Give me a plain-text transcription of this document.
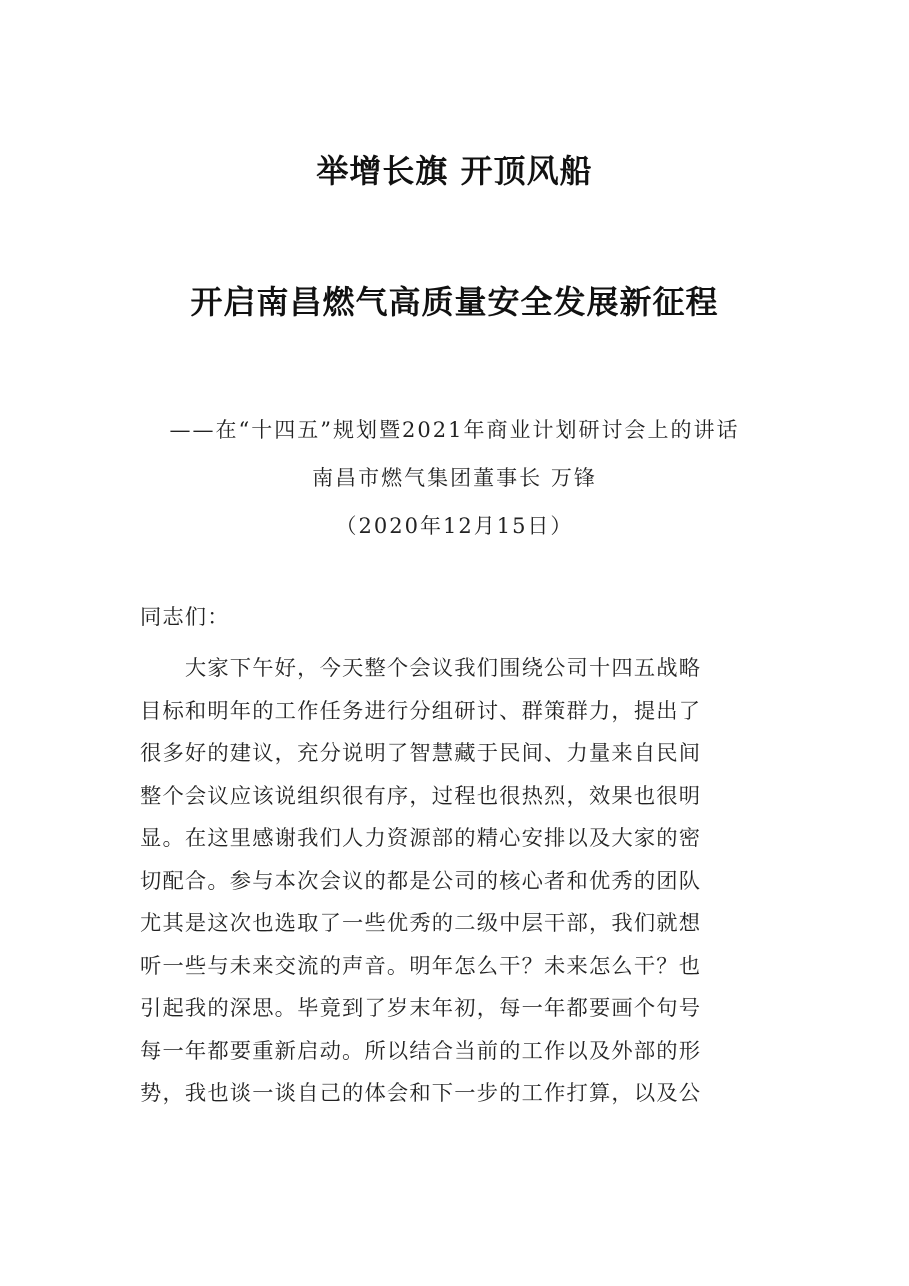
举增长旗 开顶风船
开启南昌燃气高质量安全发展新征程

——在“十四五”规划暨2021年商业计划研讨会上的讲话

南昌市燃气集团董事长 万锋

（2020年12月15日）

同志们：

　　大家下午好，今天整个会议我们围绕公司十四五战略

目标和明年的工作任务进行分组研讨、群策群力，提出了

很多好的建议，充分说明了智慧藏于民间、力量来自民间

整个会议应该说组织很有序，过程也很热烈，效果也很明

显。在这里感谢我们人力资源部的精心安排以及大家的密

切配合。参与本次会议的都是公司的核心者和优秀的团队

尤其是这次也选取了一些优秀的二级中层干部，我们就想

听一些与未来交流的声音。明年怎么干？未来怎么干？也

引起我的深思。毕竟到了岁末年初，每一年都要画个句号

每一年都要重新启动。所以结合当前的工作以及外部的形

势，我也谈一谈自己的体会和下一步的工作打算，以及公
